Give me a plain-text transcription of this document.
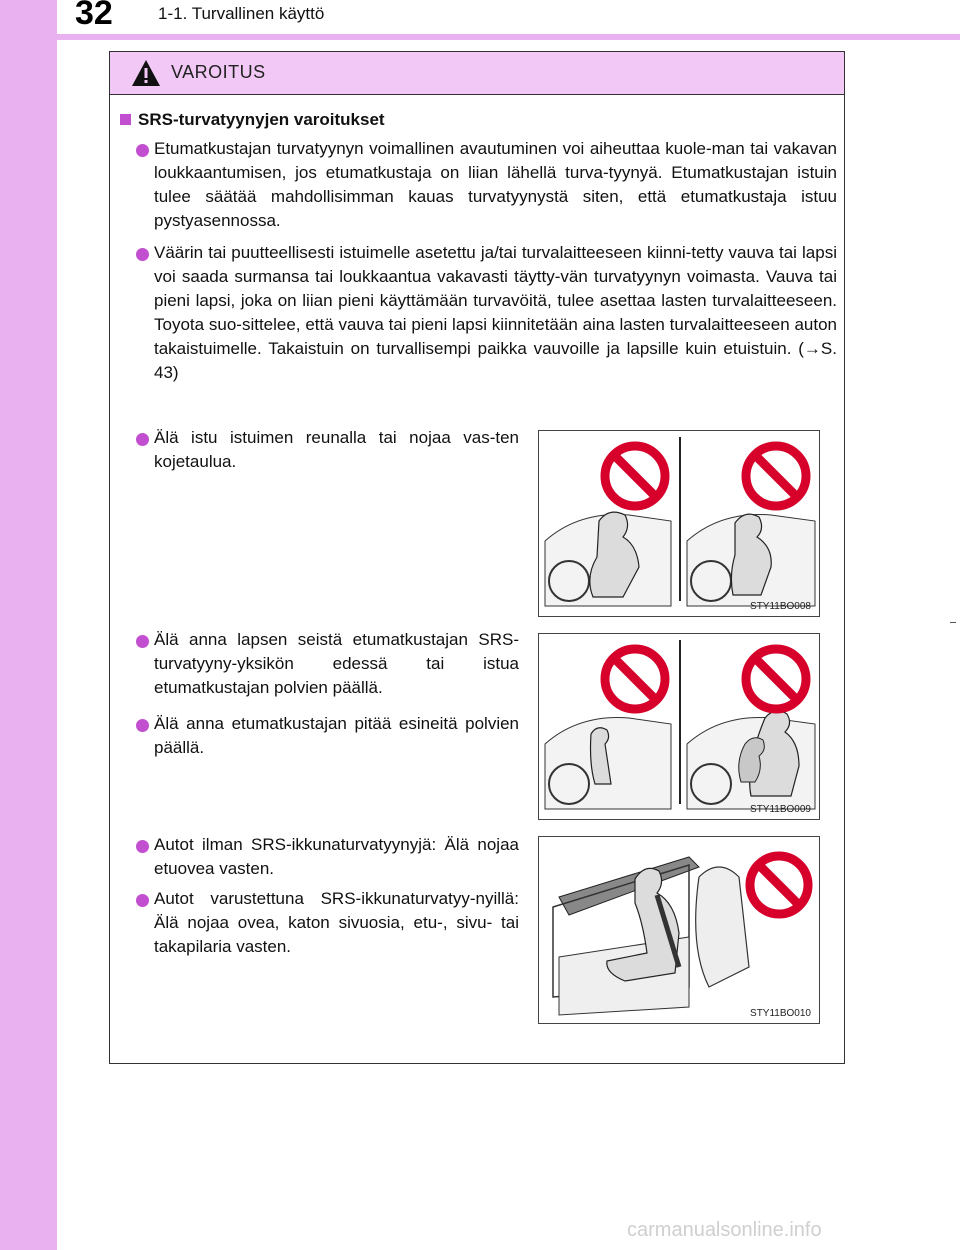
32	1-1. Turvallinen käyttö
VAROITUS
SRS-turvatyynyjen varoitukset
Etumatkustajan turvatyynyn voimallinen avautuminen voi aiheuttaa kuole-man tai vakavan loukkaantumisen, jos etumatkustaja on liian lähellä turva-tyynyä. Etumatkustajan istuin tulee säätää mahdollisimman kauas turvatyynystä siten, että etumatkustaja istuu pystyasennossa.
Väärin tai puutteellisesti istuimelle asetettu ja/tai turvalaitteeseen kiinni-tetty vauva tai lapsi voi saada surmansa tai loukkaantua vakavasti täytty-vän turvatyynyn voimasta. Vauva tai pieni lapsi, joka on liian pieni käyttämään turvavöitä, tulee asettaa lasten turvalaitteeseen. Toyota suo-sittelee, että vauva tai pieni lapsi kiinnitetään aina lasten turvalaitteeseen auton takaistuimelle. Takaistuin on turvallisempi paikka vauvoille ja lapsille kuin etuistuin. (→S. 43)
Älä istu istuimen reunalla tai nojaa vas-ten kojetaulua.
STY11BO008
Älä anna lapsen seistä etumatkustajan SRS-turvatyyny-yksikön edessä tai istua etumatkustajan polvien päällä.
Älä anna etumatkustajan pitää esineitä polvien päällä.
STY11BO009
Autot ilman SRS-ikkunaturvatyynyjä: Älä nojaa etuovea vasten.
Autot varustettuna SRS-ikkunaturvatyy-nyillä: Älä nojaa ovea, katon sivuosia, etu-, sivu- tai takapilaria vasten.
STY11BO010
carmanualsonline.info
